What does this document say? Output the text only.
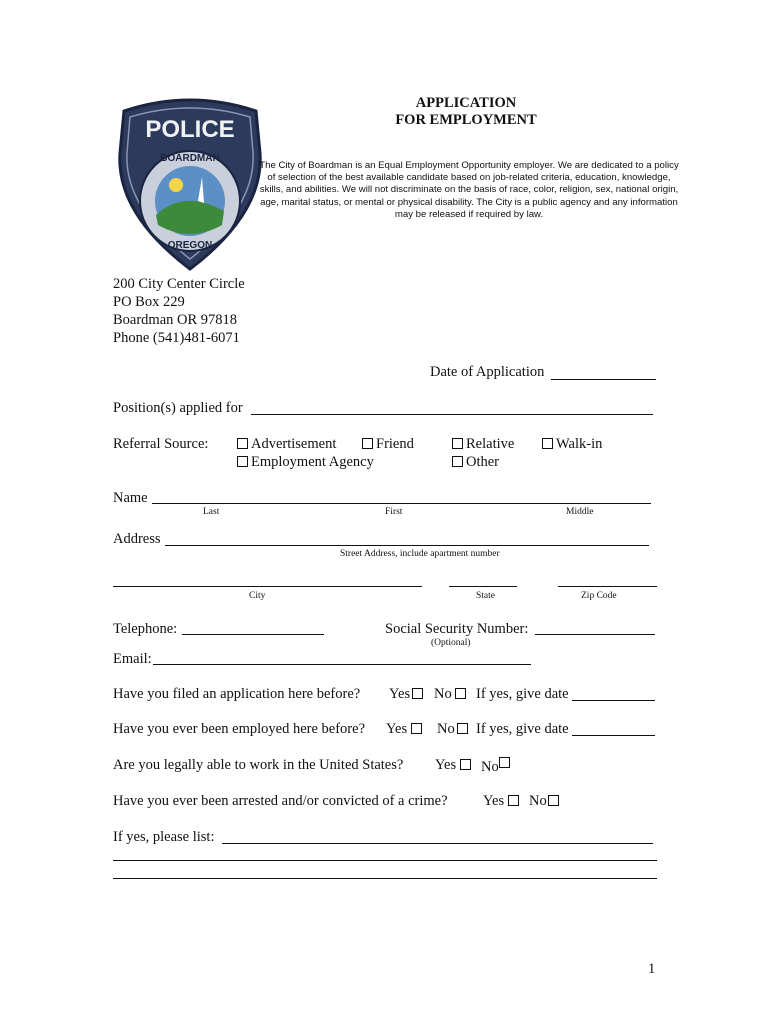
POLICE
BOARDMAN
OREGON
APPLICATION
FOR EMPLOYMENT
The City of Boardman is an Equal Employment Opportunity employer. We are dedicated to a policy of selection of the best available candidate based on job-related criteria, education, knowledge, skills, and abilities. We will not discriminate on the basis of race, color, religion, sex, national origin, age, marital status, or mental or physical disability. The City is a public agency and any information may be released if required by law.
200 City Center Circle
PO Box 229
Boardman OR 97818
Phone (541)481-6071
Date of Application
Position(s) applied for
Referral Source:	Advertisement	Friend	Relative	Walk-in
Employment Agency	Other
Name
Last	First	Middle
Address
Street Address, include apartment number
City	State	Zip Code
Telephone:	Social Security Number:
(Optional)
Email:
Have you filed an application here before? Yes	No	If yes, give date
Have you ever been employed here before? Yes	No	If yes, give date
Are you legally able to work in the United States? Yes	No
Have you ever been arrested and/or convicted of a crime? Yes	No
If yes, please list:
1
